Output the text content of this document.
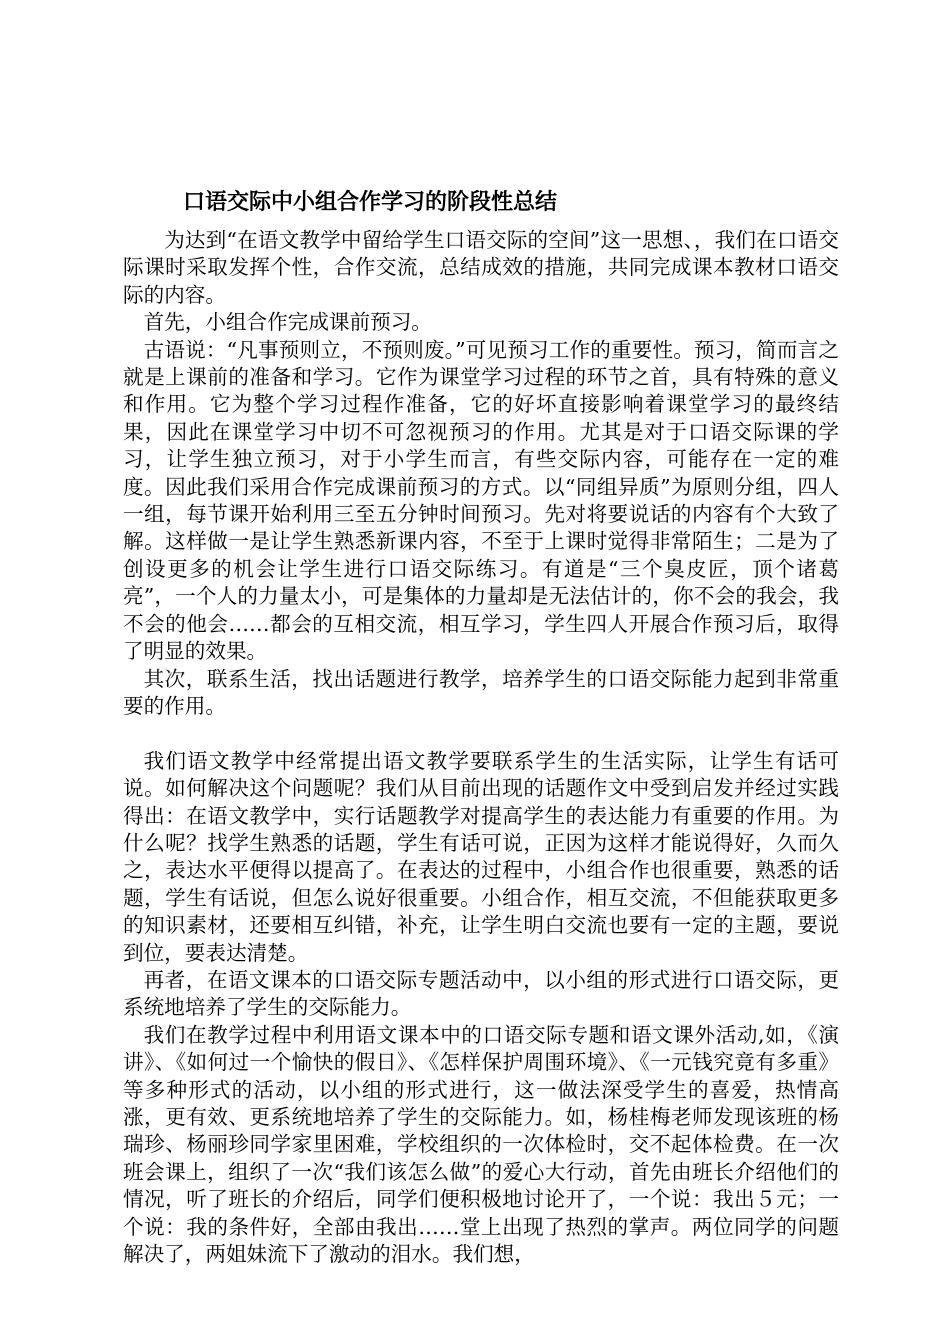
口语交际中小组合作学习的阶段性总结

为达到“在语文教学中留给学生口语交际的空间”这一思想、，我们在口语交际课时采取发挥个性，合作交流，总结成效的措施，共同完成课本教材口语交际的内容。

首先，小组合作完成课前预习。

古语说：“凡事预则立，不预则废。”可见预习工作的重要性。预习，简而言之就是上课前的准备和学习。它作为课堂学习过程的环节之首，具有特殊的意义和作用。它为整个学习过程作准备，它的好坏直接影响着课堂学习的最终结果，因此在课堂学习中切不可忽视预习的作用。尤其是对于口语交际课的学习，让学生独立预习，对于小学生而言，有些交际内容，可能存在一定的难度。因此我们采用合作完成课前预习的方式。以“同组异质”为原则分组，四人一组，每节课开始利用三至五分钟时间预习。先对将要说话的内容有个大致了解。这样做一是让学生熟悉新课内容，不至于上课时觉得非常陌生；二是为了创设更多的机会让学生进行口语交际练习。有道是“三个臭皮匠，顶个诸葛亮”，一个人的力量太小，可是集体的力量却是无法估计的，你不会的我会，我不会的他会……都会的互相交流，相互学习，学生四人开展合作预习后，取得了明显的效果。

其次，联系生活，找出话题进行教学，培养学生的口语交际能力起到非常重要的作用。

我们语文教学中经常提出语文教学要联系学生的生活实际，让学生有话可说。如何解决这个问题呢？我们从目前出现的话题作文中受到启发并经过实践得出：在语文教学中，实行话题教学对提高学生的表达能力有重要的作用。为什么呢？找学生熟悉的话题，学生有话可说，正因为这样才能说得好，久而久之，表达水平便得以提高了。在表达的过程中，小组合作也很重要，熟悉的话题，学生有话说，但怎么说好很重要。小组合作，相互交流，不但能获取更多的知识素材，还要相互纠错，补充，让学生明白交流也要有一定的主题，要说到位，要表达清楚。

再者，在语文课本的口语交际专题活动中，以小组的形式进行口语交际，更系统地培养了学生的交际能力。

我们在教学过程中利用语文课本中的口语交际专题和语文课外活动,如，《演讲》、《如何过一个愉快的假日》、《怎样保护周围环境》、《一元钱究竟有多重》等多种形式的活动，以小组的形式进行，这一做法深受学生的喜爱，热情高涨，更有效、更系统地培养了学生的交际能力。如，杨桂梅老师发现该班的杨瑞珍、杨丽珍同学家里困难，学校组织的一次体检时，交不起体检费。在一次班会课上，组织了一次“我们该怎么做”的爱心大行动，首先由班长介绍他们的情况，听了班长的介绍后，同学们便积极地讨论开了，一个说：我出５元；一个说：我的条件好，全部由我出……堂上出现了热烈的掌声。两位同学的问题解决了，两姐妹流下了激动的泪水。我们想，
